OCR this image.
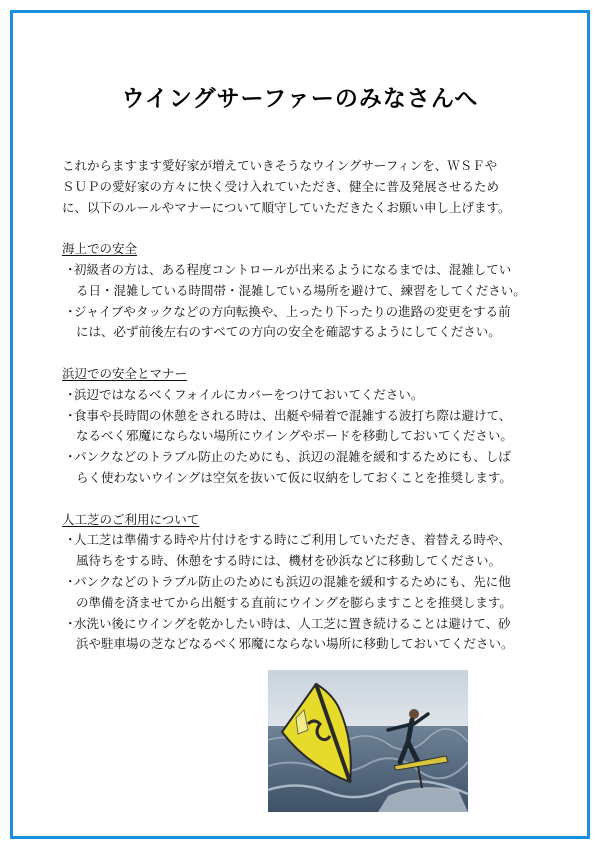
ウイングサーファーのみなさんへ

これからますます愛好家が増えていきそうなウイングサーフィンを、ＷＳＦや

ＳＵＰの愛好家の方々に快く受け入れていただき、健全に普及発展させるため

に、以下のルールやマナーについて順守していただきたくお願い申し上げます。

海上での安全

・ 初級者の方は、ある程度コントロールが出来るようになるまでは、混雑してい
る日・混雑している時間帯・混雑している場所を避けて、練習をしてください。
・ ジャイブやタックなどの方向転換や、上ったり下ったりの進路の変更をする前
には、必ず前後左右のすべての方向の安全を確認するようにしてください。

浜辺での安全とマナー

・ 浜辺ではなるべくフォイルにカバーをつけておいてください。
・ 食事や長時間の休憩をされる時は、出艇や帰着で混雑する波打ち際は避けて、
なるべく邪魔にならない場所にウイングやボードを移動しておいてください。
・ パンクなどのトラブル防止のためにも、浜辺の混雑を緩和するためにも、しば
らく使わないウイングは空気を抜いて仮に収納をしておくことを推奨します。

人工芝のご利用について

・ 人工芝は準備する時や片付けをする時にご利用していただき、着替える時や、
風待ちをする時、休憩をする時には、機材を砂浜などに移動してください。
・ パンクなどのトラブル防止のためにも浜辺の混雑を緩和するためにも、先に他
の準備を済ませてから出艇する直前にウイングを膨らますことを推奨します。
・ 水洗い後にウイングを乾かしたい時は、人工芝に置き続けることは避けて、砂
浜や駐車場の芝などなるべく邪魔にならない場所に移動しておいてください。
